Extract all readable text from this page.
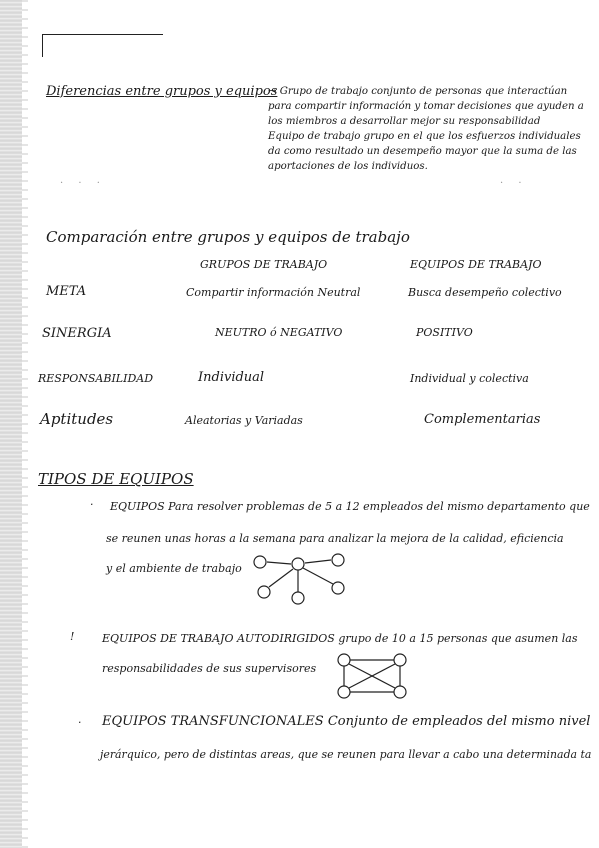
Diferencias entre grupos y equipos

→ Grupo de trabajo conjunto de personas que interactúan para compartir información y tomar decisiones que ayuden a los miembros a desarrollar mejor su responsabilidad

Equipo de trabajo grupo en el que los esfuerzos individuales da como resultado un desempeño mayor que la suma de las aportaciones de los individuos.

· · ·	· ·
Comparación entre grupos y equipos de trabajo
GRUPOS DE TRABAJO	EQUIPOS DE TRABAJO
META	Compartir información Neutral	Busca desempeño colectivo
SINERGIA	NEUTRO ó NEGATIVO	POSITIVO
RESPONSABILIDAD	Individual	Individual y colectiva
Aptitudes	Aleatorias y Variadas	Complementarias
TIPOS DE EQUIPOS
· EQUIPOS Para resolver problemas de 5 a 12 empleados del mismo departamento que
se reunen unas horas a la semana para analizar la mejora de la calidad, eficiencia
y el ambiente de trabajo
!	EQUIPOS DE TRABAJO AUTODIRIGIDOS grupo de 10 a 15 personas que asumen las
responsabilidades de sus supervisores
· EQUIPOS TRANSFUNCIONALES Conjunto de empleados del mismo nivel
jerárquico, pero de distintas areas, que se reunen para llevar a cabo una determinada ta
